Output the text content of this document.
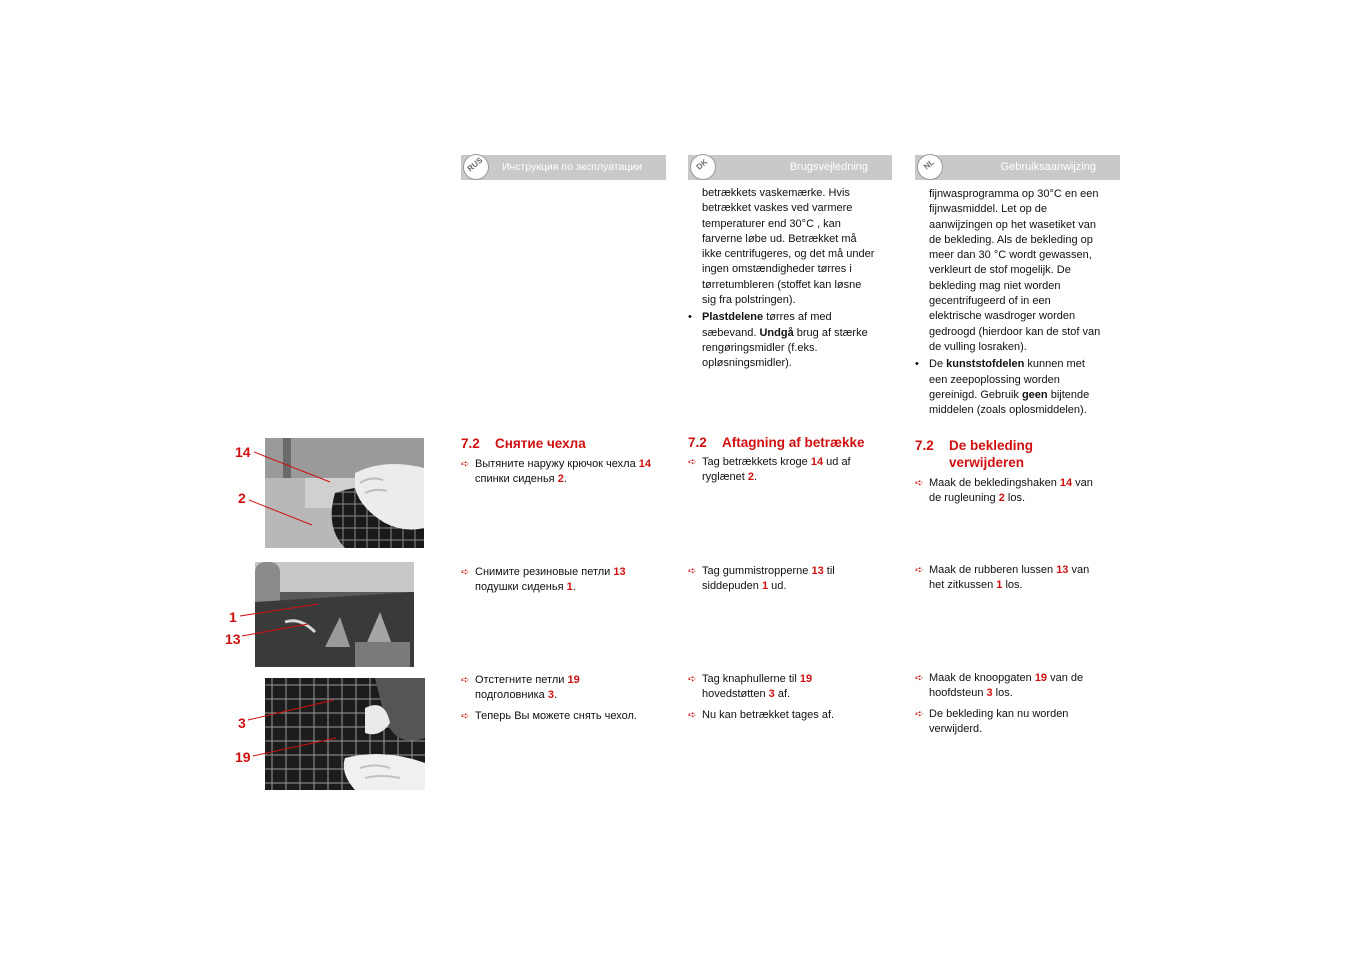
RUS	Инструкция по эксплуатации	DK	Brugsvejledning	NL	Gebruiksaanwijzing
betrækkets vaskemærke. Hvis
betrækket vaskes ved varmere
temperaturer end 30°C , kan
farverne løbe ud. Betrækket må
ikke centrifugeres, og det må under
ingen omstændigheder tørres i
tørretumbleren (stoffet kan løsne
sig fra polstringen).
• Plastdelene tørres af med
sæbevand. Undgå brug af stærke
rengøringsmidler (f.eks.
opløsningsmidler).
fijnwasprogramma op 30°C en een
fijnwasmiddel. Let op de
aanwijzingen op het wasetiket van
de bekleding. Als de bekleding op
meer dan 30 °C wordt gewassen,
verkleurt de stof mogelijk. De
bekleding mag niet worden
gecentrifugeerd of in een
elektrische wasdroger worden
gedroogd (hierdoor kan de stof van
de vulling losraken).
• De kunststofdelen kunnen met
een zeepoplossing worden
gereinigd. Gebruik geen bijtende
middelen (zoals oplosmiddelen).
7.2 Снятие чехла	7.2 Aftagning af betrække	7.2 De bekleding
verwijderen
➪ Вытяните наружу крючок чехла 14
спинки сиденья 2.
➪ Снимите резиновые петли 13
подушки сиденья 1.
➪ Отстегните петли 19
подголовника 3.
➪ Теперь Вы можете снять чехол.
➪ Tag betrækkets kroge 14 ud af
ryglænet 2.
➪ Tag gummistropperne 13 til
siddepuden 1 ud.
➪ Tag knaphullerne til 19
hovedstøtten 3 af.
➪ Nu kan betrækket tages af.
➪ Maak de bekledingshaken 14 van
de rugleuning 2 los.
➪ Maak de rubberen lussen 13 van
het zitkussen 1 los.
➪ Maak de knoopgaten 19 van de
hoofdsteun 3 los.
➪ De bekleding kan nu worden
verwijderd.
14
2
1
13
3
19
